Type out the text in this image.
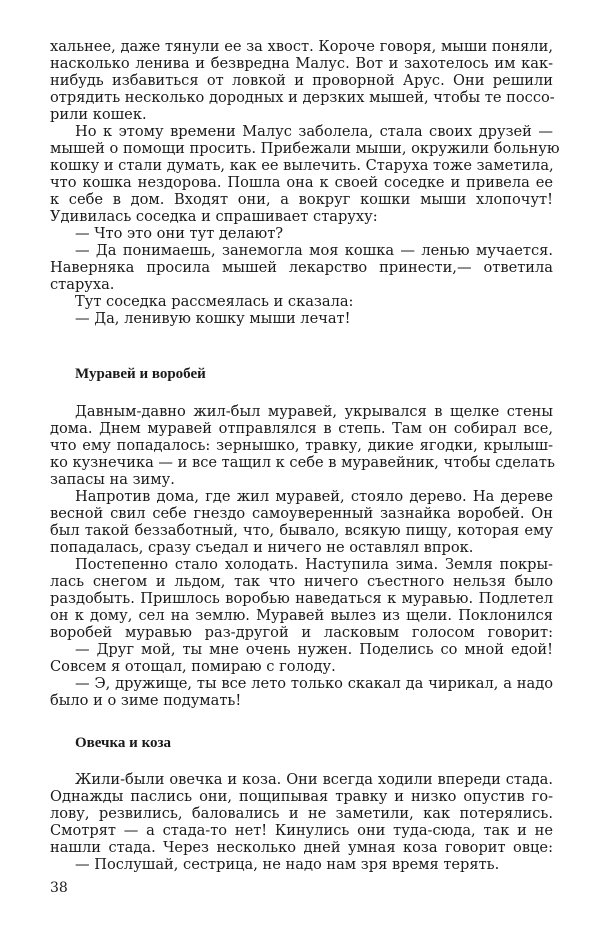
хальнее, даже тянули ее за хвост. Короче говоря, мыши поняли,
насколько ленива и безвредна Малус. Вот и захотелось им как-
нибудь избавиться от ловкой и проворной Арус. Они решили
отрядить несколько дородных и дерзких мышей, чтобы те поссо-
рили кошек.
Но к этому времени Малус заболела, стала своих друзей —
мышей о помощи просить. Прибежали мыши, окружили больную
кошку и стали думать, как ее вылечить. Старуха тоже заметила,
что кошка нездорова. Пошла она к своей соседке и привела ее
к себе в дом. Входят они, а вокруг кошки мыши хлопочут!
Удивилась соседка и спрашивает старуху:
— Что это они тут делают?
— Да понимаешь, занемогла моя кошка — ленью мучается.
Наверняка просила мышей лекарство принести,— ответила
старуха.
Тут соседка рассмеялась и сказала:
— Да, ленивую кошку мыши лечат!
Муравей и воробей
Давным-давно жил-был муравей, укрывался в щелке стены
дома. Днем муравей отправлялся в степь. Там он собирал все,
что ему попадалось: зернышко, травку, дикие ягодки, крылыш-
ко кузнечика — и все тащил к себе в муравейник, чтобы сделать
запасы на зиму.
Напротив дома, где жил муравей, стояло дерево. На дереве
весной свил себе гнездо самоуверенный зазнайка воробей. Он
был такой беззаботный, что, бывало, всякую пищу, которая ему
попадалась, сразу съедал и ничего не оставлял впрок.
Постепенно стало холодать. Наступила зима. Земля покры-
лась снегом и льдом, так что ничего съестного нельзя было
раздобыть. Пришлось воробью наведаться к муравью. Подлетел
он к дому, сел на землю. Муравей вылез из щели. Поклонился
воробей муравью раз-другой и ласковым голосом говорит:
— Друг мой, ты мне очень нужен. Поделись со мной едой!
Совсем я отощал, помираю с голоду.
— Э, дружище, ты все лето только скакал да чирикал, а надо
было и о зиме подумать!
Овечка и коза
Жили-были овечка и коза. Они всегда ходили впереди стада.
Однажды паслись они, пощипывая травку и низко опустив го-
лову, резвились, баловались и не заметили, как потерялись.
Смотрят — а стада-то нет! Кинулись они туда-сюда, так и не
нашли стада. Через несколько дней умная коза говорит овце:
— Послушай, сестрица, не надо нам зря время терять.
38
